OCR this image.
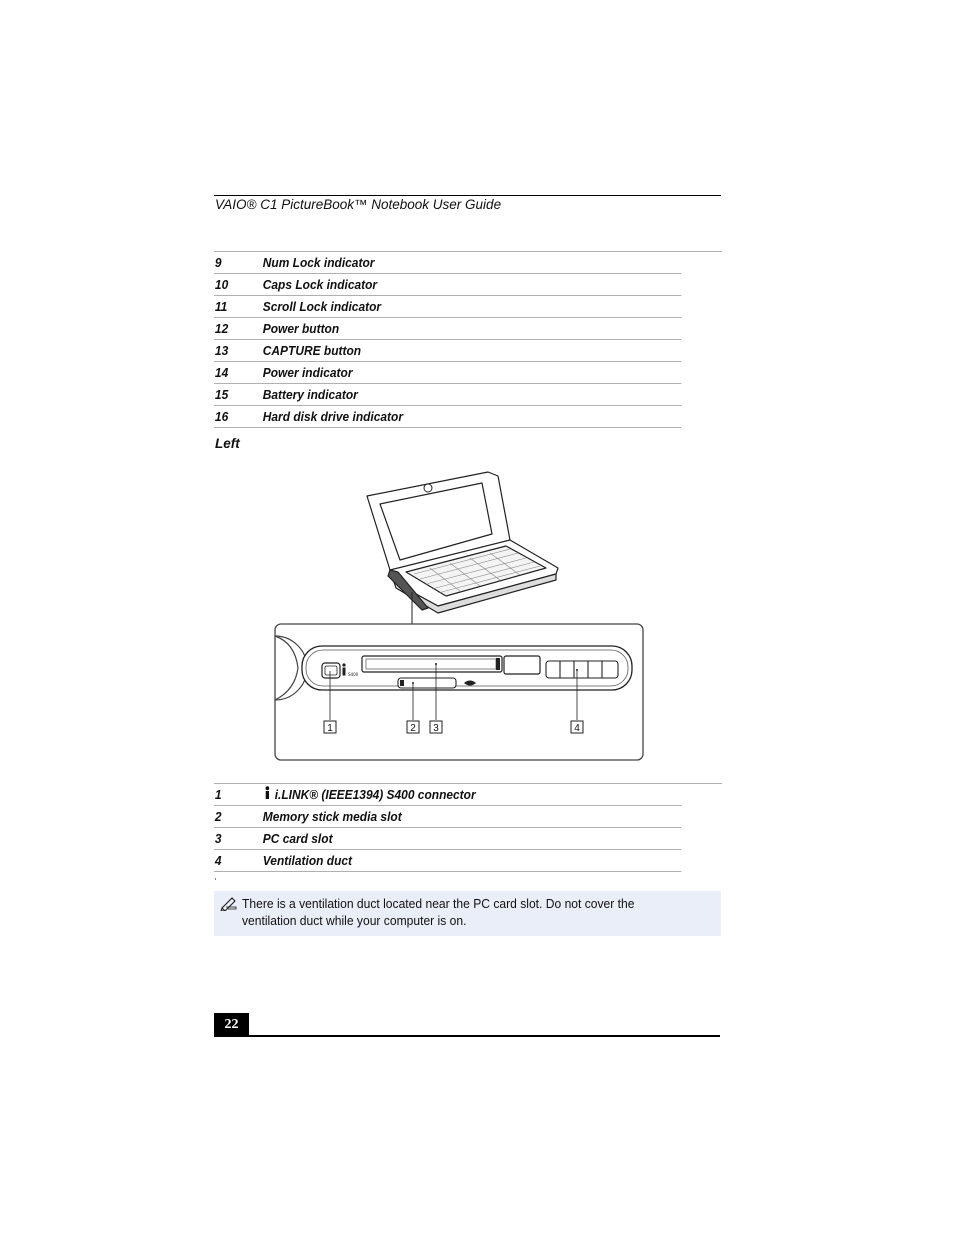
VAIO® C1 PictureBook™ Notebook User Guide
9	Num Lock indicator
10	Caps Lock indicator
11	Scroll Lock indicator
12	Power button
13	CAPTURE button
14	Power indicator
15	Battery indicator
16	Hard disk drive indicator
Left
S400
1	2 3	4
1	i.LINK® (IEEE1394) S400 connector
2	Memory stick media slot
3	PC card slot
4	Ventilation duct
There is a ventilation duct located near the PC card slot. Do not cover the ventilation duct while your computer is on.
22
